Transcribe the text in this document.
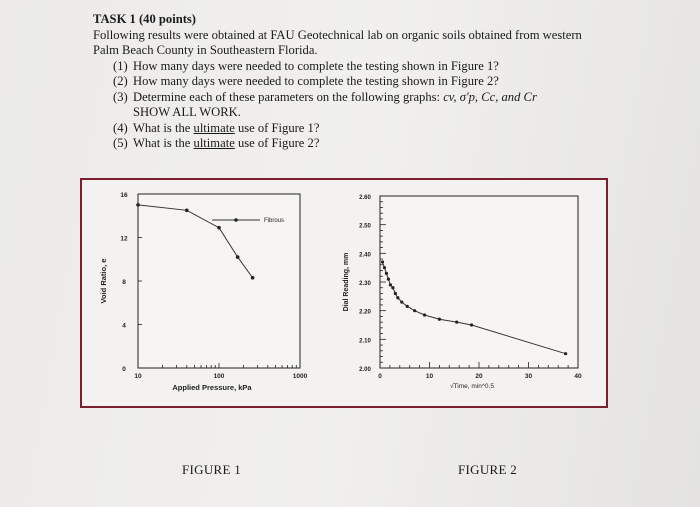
TASK 1 (40 points)
Following results were obtained at FAU Geotechnical lab on organic soils obtained from western
Palm Beach County in Southeastern Florida.
(1) How many days were needed to complete the testing shown in Figure 1?
(2) How many days were needed to complete the testing shown in Figure 2?
(3) Determine each of these parameters on the following graphs: cv, σ'p, Cc, and Cr
SHOW ALL WORK.
(4) What is the ultimate use of Figure 1?
(5) What is the ultimate use of Figure 2?
0
4
8
12
16
10	100	1000
Applied Pressure, kPa
Void Ratio, e
Fibrous
2.00
2.10
2.20
2.30
2.40
2.50
2.60
0	10	20	30	40
√Time, min^0.5
Dial Reading, mm
FIGURE 1	FIGURE 2
